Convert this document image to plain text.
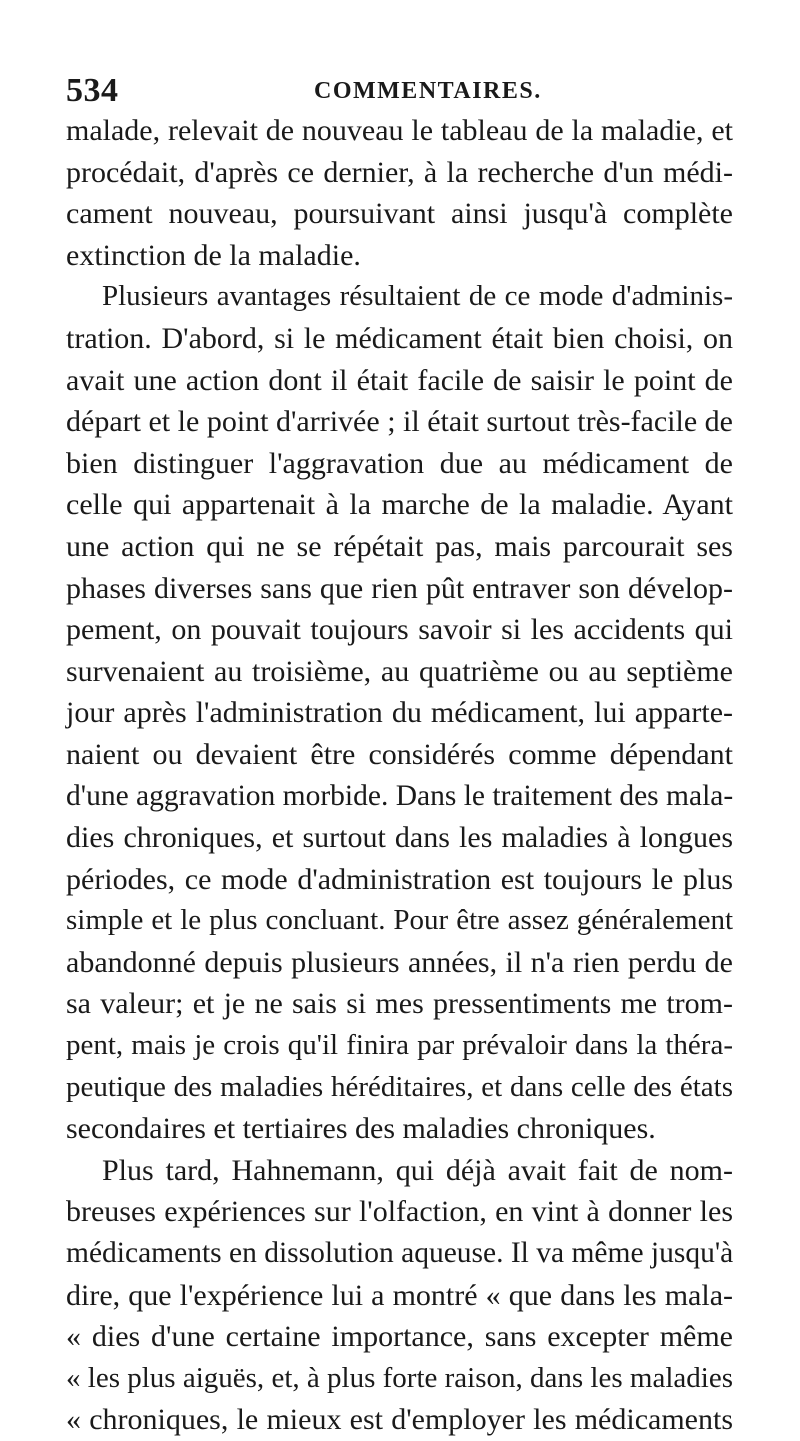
534	COMMENTAIRES.
malade, relevait de nouveau le tableau de la maladie, et
procédait, d'après ce dernier, à la recherche d'un médi-
cament nouveau, poursuivant ainsi jusqu'à complète
extinction de la maladie.
Plusieurs avantages résultaient de ce mode d'adminis-
tration. D'abord, si le médicament était bien choisi, on
avait une action dont il était facile de saisir le point de
départ et le point d'arrivée ; il était surtout très-facile de
bien distinguer l'aggravation due au médicament de
celle qui appartenait à la marche de la maladie. Ayant
une action qui ne se répétait pas, mais parcourait ses
phases diverses sans que rien pût entraver son dévelop-
pement, on pouvait toujours savoir si les accidents qui
survenaient au troisième, au quatrième ou au septième
jour après l'administration du médicament, lui apparte-
naient ou devaient être considérés comme dépendant
d'une aggravation morbide. Dans le traitement des mala-
dies chroniques, et surtout dans les maladies à longues
périodes, ce mode d'administration est toujours le plus
simple et le plus concluant. Pour être assez généralement
abandonné depuis plusieurs années, il n'a rien perdu de
sa valeur; et je ne sais si mes pressentiments me trom-
pent, mais je crois qu'il finira par prévaloir dans la théra-
peutique des maladies héréditaires, et dans celle des états
secondaires et tertiaires des maladies chroniques.
Plus tard, Hahnemann, qui déjà avait fait de nom-
breuses expériences sur l'olfaction, en vint à donner les
médicaments en dissolution aqueuse. Il va même jusqu'à
dire, que l'expérience lui a montré « que dans les mala-
« dies d'une certaine importance, sans excepter même
« les plus aiguës, et, à plus forte raison, dans les maladies
« chroniques, le mieux est d'employer les médicaments
